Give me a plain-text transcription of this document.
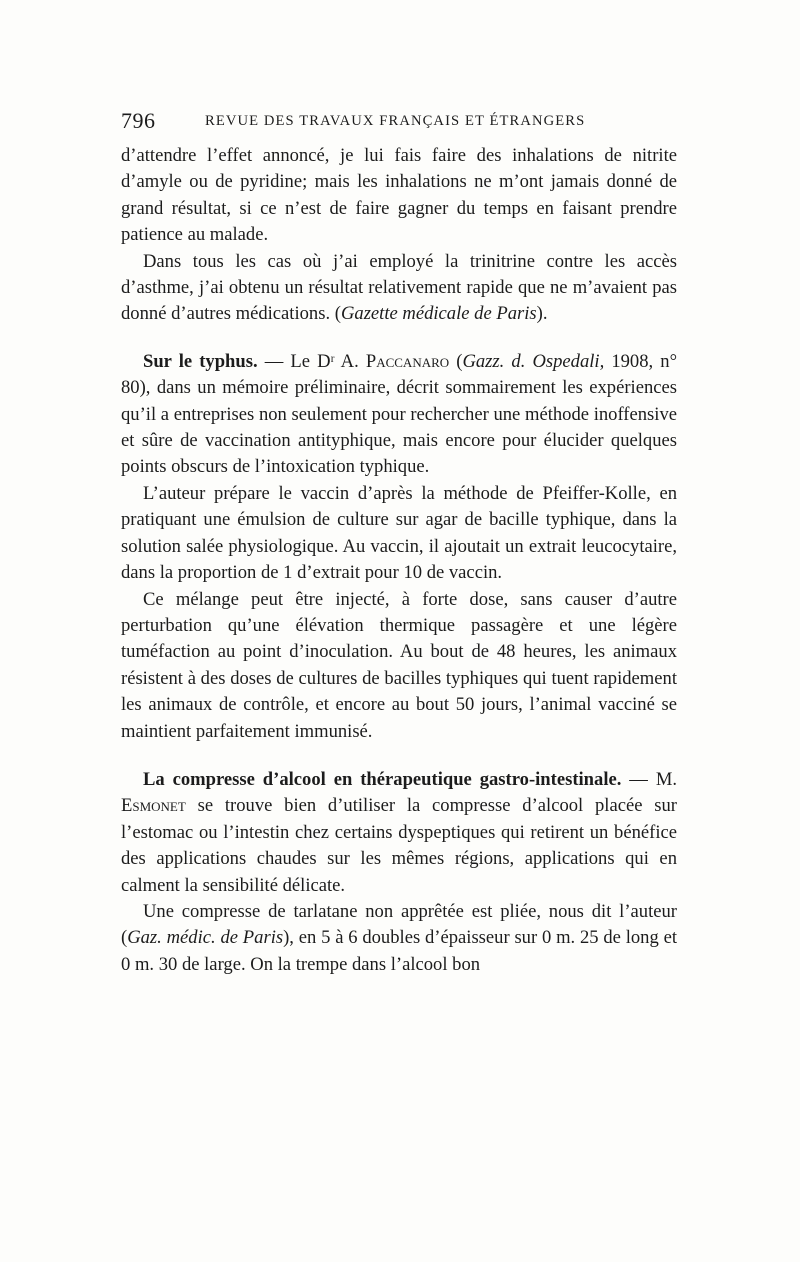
796	REVUE DES TRAVAUX FRANÇAIS ET ÉTRANGERS

d’attendre l’effet annoncé, je lui fais faire des inhalations de nitrite d’amyle ou de pyridine; mais les inhalations ne m’ont jamais donné de grand résultat, si ce n’est de faire gagner du temps en faisant prendre patience au malade.

Dans tous les cas où j’ai employé la trinitrine contre les accès d’asthme, j’ai obtenu un résultat relativement rapide que ne m’avaient pas donné d’autres médications. (Gazette médicale de Paris).

Sur le typhus. — Le Dʳ A. Paccanaro (Gazz. d. Ospedali, 1908, n° 80), dans un mémoire préliminaire, décrit sommairement les expériences qu’il a entreprises non seulement pour rechercher une méthode inoffensive et sûre de vaccination antityphique, mais encore pour élucider quelques points obscurs de l’intoxication typhique.

L’auteur prépare le vaccin d’après la méthode de Pfeiffer-Kolle, en pratiquant une émulsion de culture sur agar de bacille typhique, dans la solution salée physiologique. Au vaccin, il ajoutait un extrait leucocytaire, dans la proportion de 1 d’extrait pour 10 de vaccin.

Ce mélange peut être injecté, à forte dose, sans causer d’autre perturbation qu’une élévation thermique passagère et une légère tuméfaction au point d’inoculation. Au bout de 48 heures, les animaux résistent à des doses de cultures de bacilles typhiques qui tuent rapidement les animaux de contrôle, et encore au bout 50 jours, l’animal vacciné se maintient parfaitement immunisé.

La compresse d’alcool en thérapeutique gastro-intestinale. — M. Esmonet se trouve bien d’utiliser la compresse d’alcool placée sur l’estomac ou l’intestin chez certains dyspeptiques qui retirent un bénéfice des applications chaudes sur les mêmes régions, applications qui en calment la sensibilité délicate.

Une compresse de tarlatane non apprêtée est pliée, nous dit l’auteur (Gaz. médic. de Paris), en 5 à 6 doubles d’épaisseur sur 0 m. 25 de long et 0 m. 30 de large. On la trempe dans l’alcool bon
